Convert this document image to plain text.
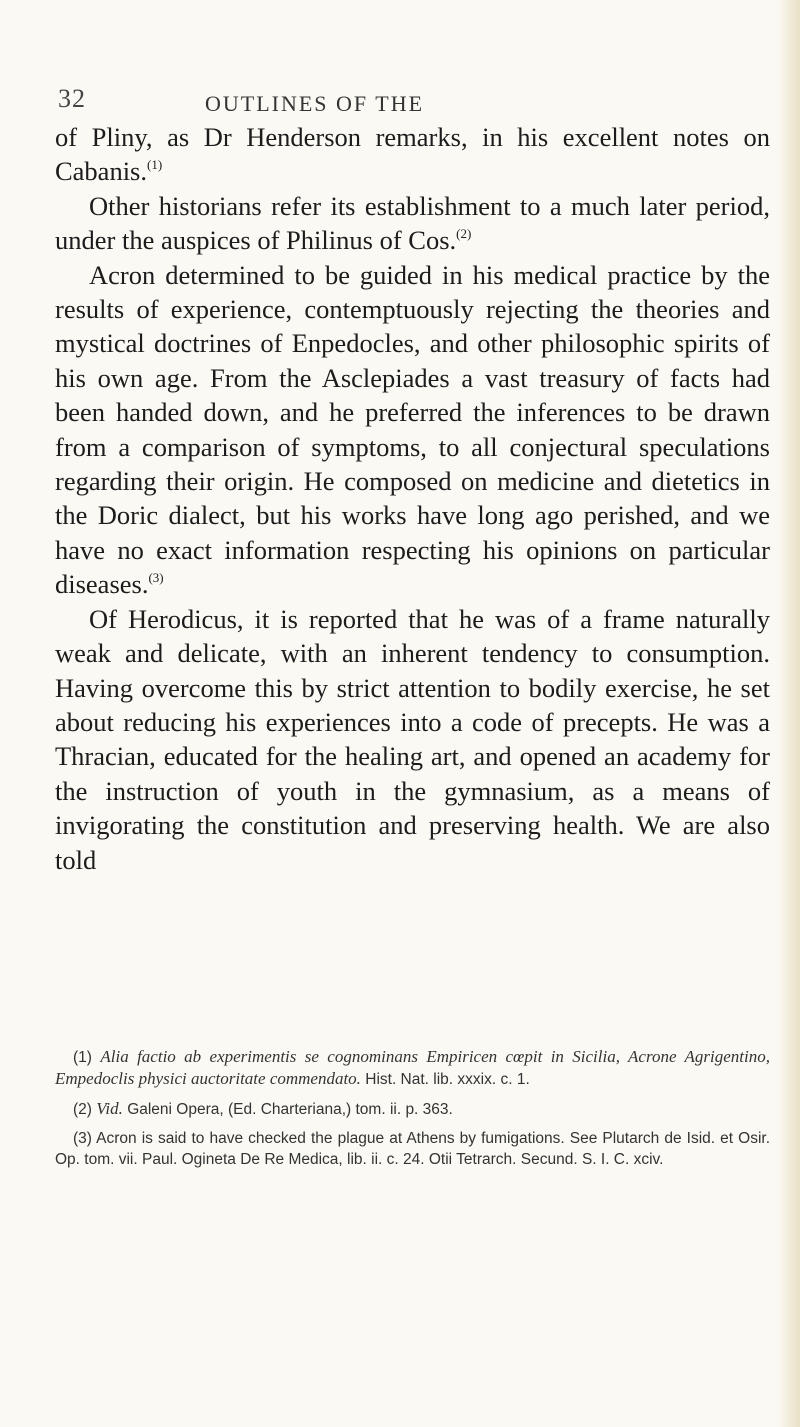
32	OUTLINES OF THE

of Pliny, as Dr Henderson remarks, in his excellent notes on Cabanis.$^{(1)}$

Other historians refer its establishment to a much later period, under the auspices of Philinus of Cos.$^{(2)}$

Acron determined to be guided in his medical practice by the results of experience, contemptuously rejecting the theories and mystical doctrines of Enpedocles, and other philosophic spirits of his own age. From the Asclepiades a vast treasury of facts had been handed down, and he preferred the inferences to be drawn from a comparison of symptoms, to all conjectural speculations regarding their origin. He composed on medicine and dietetics in the Doric dialect, but his works have long ago perished, and we have no exact information respecting his opinions on particular diseases.$^{(3)}$

Of Herodicus, it is reported that he was of a frame naturally weak and delicate, with an inherent tendency to consumption. Having overcome this by strict attention to bodily exercise, he set about reducing his experiences into a code of precepts. He was a Thracian, educated for the healing art, and opened an academy for the instruction of youth in the gymnasium, as a means of invigorating the constitution and preserving health. We are also told

(1) Alia factio ab experimentis se cognominans Empiricen cœpit in Sicilia, Acrone Agrigentino, Empedoclis physici auctoritate commendato. Hist. Nat. lib. xxxix. c. 1.

(2) Vid. Galeni Opera, (Ed. Charteriana,) tom. ii. p. 363.

(3) Acron is said to have checked the plague at Athens by fumigations. See Plutarch de Isid. et Osir. Op. tom. vii. Paul. Ogineta De Re Medica, lib. ii. c. 24. Otii Tetrarch. Secund. S. I. C. xciv.
